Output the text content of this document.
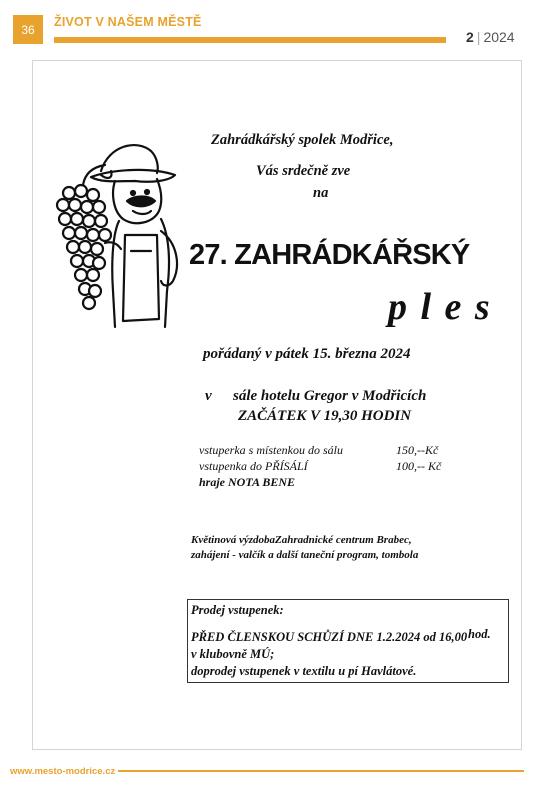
36
ŽIVOT V NAŠEM MĚSTĚ
2 | 2024
Zahrádkářský spolek Modřice,
Vás srdečně zve
na
27. ZAHRÁDKÁŘSKÝ
p l e s
pořádaný v pátek 15. března 2024
v sále hotelu Gregor v Modřicích
ZAČÁTEK V 19,30 HODIN
vstuperka s místenkou do sálu	150,--Kč
vstupenka do PŘÍSÁLÍ	100,-- Kč
hraje NOTA BENE
Květinová výzdobaZahradnické centrum Brabec,
zahájení - valčík a další taneční program, tombola
Prodej vstupenek:
PŘED ČLENSKOU SCHŮZÍ DNE 1.2.2024 od 16,00 hod.
v klubovně MÚ;
doprodej vstupenek v textilu u pí Havlátové.
www.mesto-modrice.cz
